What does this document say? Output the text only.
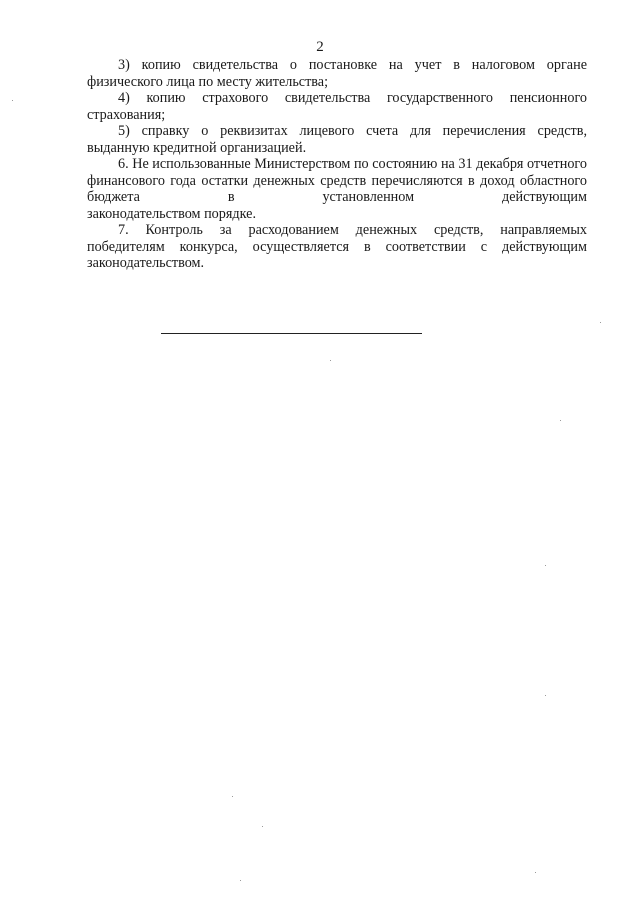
2

3) копию свидетельства о постановке на учет в налоговом органе физического лица по месту жительства;

4) копию страхового свидетельства государственного пенсионного страхования;

5) справку о реквизитах лицевого счета для перечисления средств, выданную кредитной организацией.

6. Не использованные Министерством по состоянию на 31 декабря отчетного финансового года остатки денежных средств перечисляются в доход областного бюджета в установленном действующим

законодательством порядке.

7. Контроль за расходованием денежных средств, направляемых победителям конкурса, осуществляется в соответствии с действующим законодательством.
